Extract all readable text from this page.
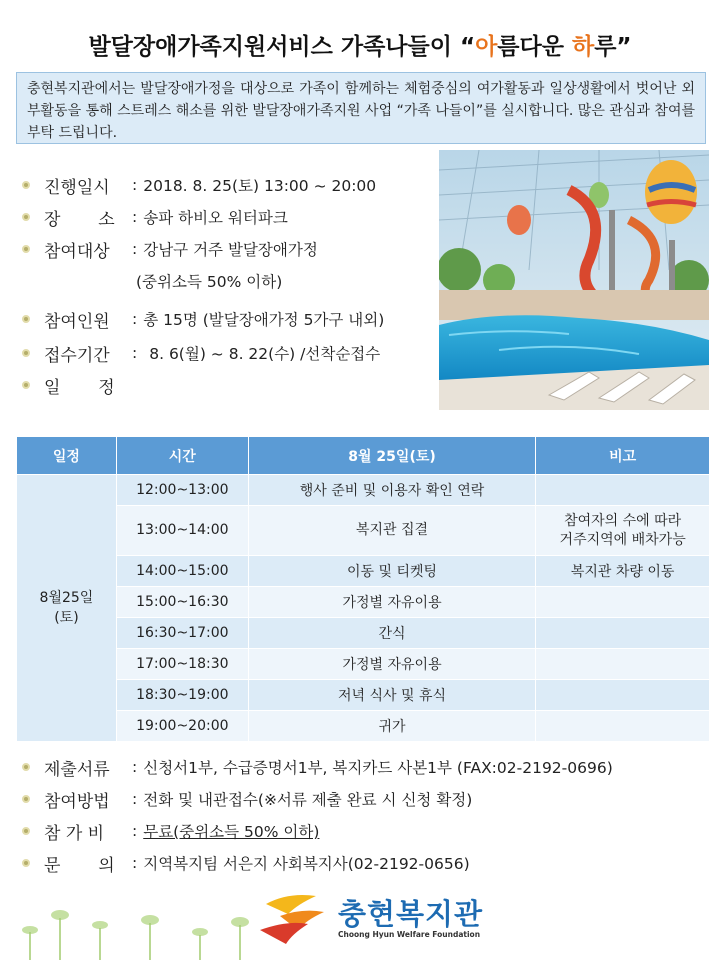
발달장애가족지원서비스 가족나들이 “아름다운 하루”
충현복지관에서는 발달장애가정을 대상으로 가족이 함께하는 체험중심의 여가활동과 일상생활에서 벗어난 외부활동을 통해 스트레스 해소를 위한 발달장애가족지원 사업 “가족 나들이”를 실시합니다. 많은 관심과 참여를 부탁 드립니다.
진행일시	: 2018. 8. 25(토) 13:00 ~ 20:00
장       소	: 송파 하비오 워터파크
참여대상	: 강남구 거주 발달장애가정
(중위소득 50% 이하)
참여인원	: 총 15명 (발달장애가정 5가구 내외)
접수기간	: 8. 6(월) ~ 8. 22(수) /선착순접수
일       정
일정	시간	8월 25일(토)	비고
8월25일
(토)	12:00~13:00	행사 준비 및 이용자 확인 연락	
	13:00~14:00	복지관 집결	참여자의 수에 따라
거주지역에 배차가능
	14:00~15:00	이동 및 티켓팅	복지관 차량 이동
	15:00~16:30	가정별 자유이용	
	16:30~17:00	간식	
	17:00~18:30	가정별 자유이용	
	18:30~19:00	저녁 식사 및 휴식	
	19:00~20:00	귀가	
제출서류	: 신청서1부, 수급증명서1부, 복지카드 사본1부 (FAX:02-2192-0696)
참여방법	: 전화 및 내관접수(※서류 제출 완료 시 신청 확정)
참 가 비	: 무료(중위소득 50% 이하)
문       의	: 지역복지팀 서은지 사회복지사(02-2192-0656)
충현복지관
Choong Hyun Welfare Foundation
